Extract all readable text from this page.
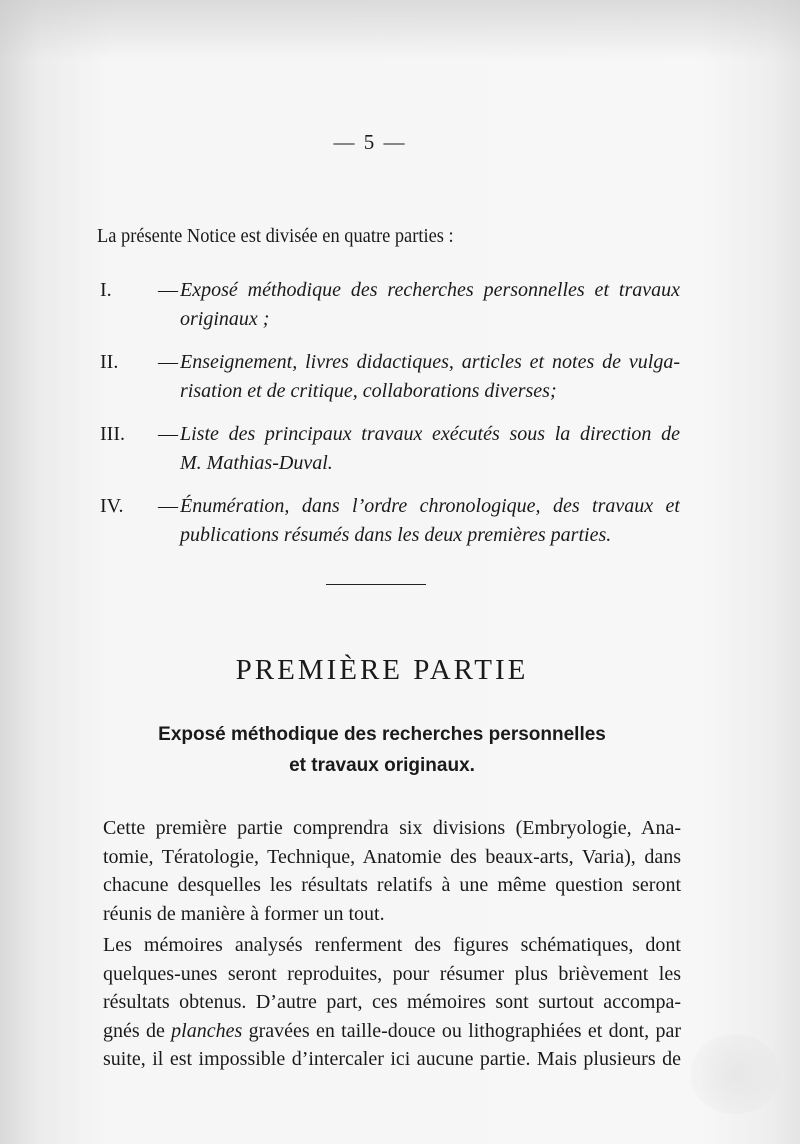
— 5 —
La présente Notice est divisée en quatre parties :
I.	— Exposé méthodique des recherches personnelles et travaux
originaux ;
II.	— Enseignement, livres didactiques, articles et notes de vulga-
risation et de critique, collaborations diverses;
III.	— Liste des principaux travaux exécutés sous la direction de
M. Mathias-Duval.
IV.	— Énumération, dans l’ordre chronologique, des travaux et
publications résumés dans les deux premières parties.
PREMIÈRE PARTIE
Exposé méthodique des recherches personnelles
et travaux originaux.
Cette première partie comprendra six divisions (Embryologie, Ana-
tomie, Tératologie, Technique, Anatomie des beaux-arts, Varia), dans
chacune desquelles les résultats relatifs à une même question seront
réunis de manière à former un tout.
Les mémoires analysés renferment des figures schématiques, dont
quelques-unes seront reproduites, pour résumer plus brièvement les
résultats obtenus. D’autre part, ces mémoires sont surtout accompa-
gnés de planches gravées en taille-douce ou lithographiées et dont, par
suite, il est impossible d’intercaler ici aucune partie. Mais plusieurs de
